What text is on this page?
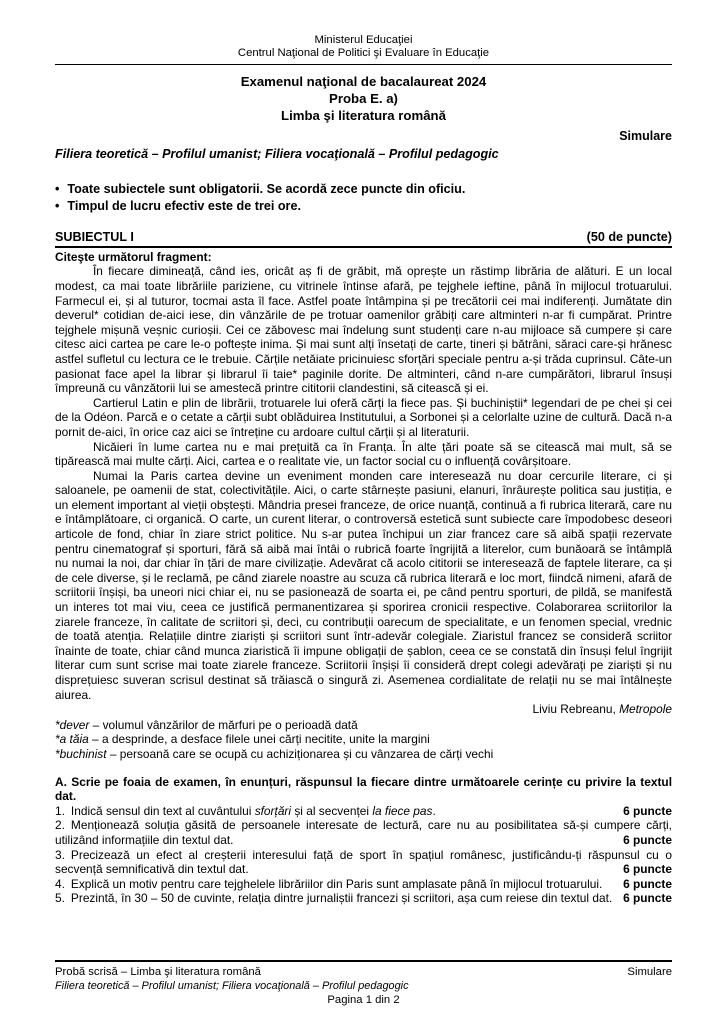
Ministerul Educaţiei
Centrul Naţional de Politici şi Evaluare în Educaţie
Examenul naţional de bacalaureat 2024
Proba E. a)
Limba şi literatura română
Simulare
Filiera teoretică – Profilul umanist; Filiera vocaţională – Profilul pedagogic
• Toate subiectele sunt obligatorii. Se acordă zece puncte din oficiu.
• Timpul de lucru efectiv este de trei ore.
SUBIECTUL I	(50 de puncte)
Citeşte următorul fragment:

În fiecare dimineață, când ies, oricât aș fi de grăbit, mă oprește un răstimp librăria de alături. E un local modest, ca mai toate librăriile pariziene, cu vitrinele întinse afară, pe tejghele ieftine, până în mijlocul trotuarului. Farmecul ei, și al tuturor, tocmai asta îl face. Astfel poate întâmpina și pe trecătorii cei mai indiferenți. Jumătate din deverul* cotidian de-aici iese, din vânzările de pe trotuar oamenilor grăbiți care altminteri n-ar fi cumpărat. Printre tejghele mișună veșnic curioșii. Cei ce zăbovesc mai îndelung sunt studenți care n-au mijloace să cumpere și care citesc aici cartea pe care le-o poftește inima. Și mai sunt alți însetați de carte, tineri și bătrâni, săraci care-și hrănesc astfel sufletul cu lectura ce le trebuie. Cărțile netăiate pricinuiesc sforțări speciale pentru a-și trăda cuprinsul. Câte-un pasionat face apel la librar și librarul îi taie* paginile dorite. De altminteri, când n-are cumpărători, librarul însuși împreună cu vânzătorii lui se amestecă printre cititorii clandestini, să citească și ei.

Cartierul Latin e plin de librării, trotuarele lui oferă cărți la fiece pas. Și buchiniștii* legendari de pe chei și cei de la Odéon. Parcă e o cetate a cărții subt oblăduirea Institutului, a Sorbonei și a celorlalte uzine de cultură. Dacă n-a pornit de-aici, în orice caz aici se întreține cu ardoare cultul cărții și al literaturii.

Nicăieri în lume cartea nu e mai prețuită ca în Franța. În alte țări poate să se citească mai mult, să se tipărească mai multe cărți. Aici, cartea e o realitate vie, un factor social cu o influență covârșitoare.

Numai la Paris cartea devine un eveniment monden care interesează nu doar cercurile literare, ci și saloanele, pe oamenii de stat, colectivitățile. Aici, o carte stârnește pasiuni, elanuri, înrâurește politica sau justiția, e un element important al vieții obștești. Mândria presei franceze, de orice nuanță, continuă a fi rubrica literară, care nu e întâmplătoare, ci organică. O carte, un curent literar, o controversă estetică sunt subiecte care împodobesc deseori articole de fond, chiar în ziare strict politice. Nu s-ar putea închipui un ziar francez care să aibă spații rezervate pentru cinematograf și sporturi, fără să aibă mai întâi o rubrică foarte îngrijită a literelor, cum bunăoară se întâmplă nu numai la noi, dar chiar în țări de mare civilizație. Adevărat că acolo cititorii se interesează de faptele literare, ca și de cele diverse, și le reclamă, pe când ziarele noastre au scuza că rubrica literară e loc mort, fiindcă nimeni, afară de scriitorii înșiși, ba uneori nici chiar ei, nu se pasionează de soarta ei, pe când pentru sporturi, de pildă, se manifestă un interes tot mai viu, ceea ce justifică permanentizarea și sporirea cronicii respective. Colaborarea scriitorilor la ziarele franceze, în calitate de scriitori și, deci, cu contribuții oarecum de specialitate, e un fenomen special, vrednic de toată atenția. Relațiile dintre ziariști și scriitori sunt într-adevăr colegiale. Ziaristul francez se consideră scriitor înainte de toate, chiar când munca ziaristică îi impune obligații de șablon, ceea ce se constată din însuși felul îngrijit literar cum sunt scrise mai toate ziarele franceze. Scriitorii înșiși îi consideră drept colegi adevărați pe ziariști și nu disprețuiesc suveran scrisul destinat să trăiască o singură zi. Asemenea cordialitate de relații nu se mai întâlnește aiurea.

Liviu Rebreanu, Metropole
*dever – volumul vânzărilor de mărfuri pe o perioadă dată
*a tăia – a desprinde, a desface filele unei cărți necitite, unite la margini
*buchinist – persoană care se ocupă cu achiziționarea și cu vânzarea de cărți vechi
A. Scrie pe foaia de examen, în enunțuri, răspunsul la fiecare dintre următoarele cerințe cu privire la textul dat.
1. Indică sensul din text al cuvântului sforțări și al secvenței la fiece pas.	6 puncte
2. Menționează soluția găsită de persoanele interesate de lectură, care nu au posibilitatea să-și cumpere cărți, utilizând informațiile din textul dat.	6 puncte
3. Precizează un efect al creșterii interesului față de sport în spațiul românesc, justificându-ți răspunsul cu o secvență semnificativă din textul dat.	6 puncte
4. Explică un motiv pentru care tejghelele librăriilor din Paris sunt amplasate până în mijlocul trotuarului. 6 puncte
5. Prezintă, în 30 – 50 de cuvinte, relația dintre jurnaliștii francezi și scriitori, așa cum reiese din textul dat. 6 puncte
Probă scrisă – Limba şi literatura română	Simulare
Filiera teoretică – Profilul umanist; Filiera vocaţională – Profilul pedagogic
Pagina 1 din 2
